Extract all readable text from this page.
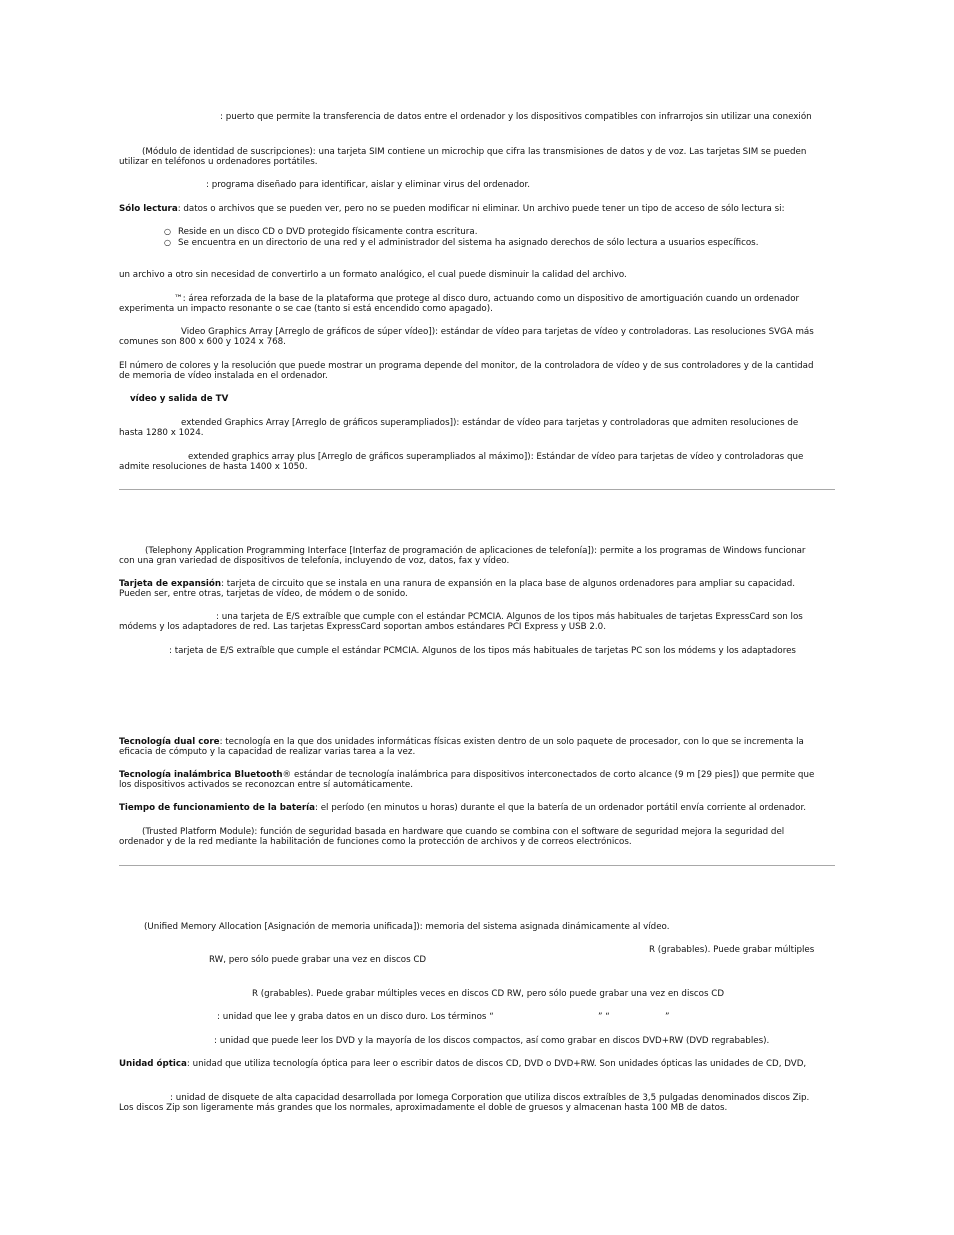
: puerto que permite la transferencia de datos entre el ordenador y los dispositivos compatibles con infrarrojos sin utilizar una conexión
(Módulo de identidad de suscripciones): una tarjeta SIM contiene un microchip que cifra las transmisiones de datos y de voz. Las tarjetas SIM se pueden
utilizar en teléfonos u ordenadores portátiles.
: programa diseñado para identificar, aislar y eliminar virus del ordenador.
Sólo lectura: datos o archivos que se pueden ver, pero no se pueden modificar ni eliminar. Un archivo puede tener un tipo de acceso de sólo lectura si:
○ Reside en un disco CD o DVD protegido físicamente contra escritura.
○ Se encuentra en un directorio de una red y el administrador del sistema ha asignado derechos de sólo lectura a usuarios específicos.
un archivo a otro sin necesidad de convertirlo a un formato analógico, el cual puede disminuir la calidad del archivo.
™: área reforzada de la base de la plataforma que protege al disco duro, actuando como un dispositivo de amortiguación cuando un ordenador
experimenta un impacto resonante o se cae (tanto si está encendido como apagado).
Video Graphics Array [Arreglo de gráficos de súper vídeo]): estándar de vídeo para tarjetas de vídeo y controladoras. Las resoluciones SVGA más
comunes son 800 x 600 y 1024 x 768.
El número de colores y la resolución que puede mostrar un programa depende del monitor, de la controladora de vídeo y de sus controladores y de la cantidad
de memoria de vídeo instalada en el ordenador.
vídeo y salida de TV
extended Graphics Array [Arreglo de gráficos superampliados]): estándar de vídeo para tarjetas y controladoras que admiten resoluciones de
hasta 1280 x 1024.
extended graphics array plus [Arreglo de gráficos superampliados al máximo]): Estándar de vídeo para tarjetas de vídeo y controladoras que
admite resoluciones de hasta 1400 x 1050.
(Telephony Application Programming Interface [Interfaz de programación de aplicaciones de telefonía]): permite a los programas de Windows funcionar
con una gran variedad de dispositivos de telefonía, incluyendo de voz, datos, fax y vídeo.
Tarjeta de expansión: tarjeta de circuito que se instala en una ranura de expansión en la placa base de algunos ordenadores para ampliar su capacidad.
Pueden ser, entre otras, tarjetas de vídeo, de módem o de sonido.
: una tarjeta de E/S extraíble que cumple con el estándar PCMCIA. Algunos de los tipos más habituales de tarjetas ExpressCard son los
módems y los adaptadores de red. Las tarjetas ExpressCard soportan ambos estándares PCI Express y USB 2.0.
: tarjeta de E/S extraíble que cumple el estándar PCMCIA. Algunos de los tipos más habituales de tarjetas PC son los módems y los adaptadores
Tecnología dual core: tecnología en la que dos unidades informáticas físicas existen dentro de un solo paquete de procesador, con lo que se incrementa la
eficacia de cómputo y la capacidad de realizar varias tarea a la vez.
Tecnología inalámbrica Bluetooth® estándar de tecnología inalámbrica para dispositivos interconectados de corto alcance (9 m [29 pies]) que permite que
los dispositivos activados se reconozcan entre sí automáticamente.
Tiempo de funcionamiento de la batería: el período (en minutos u horas) durante el que la batería de un ordenador portátil envía corriente al ordenador.
(Trusted Platform Module): función de seguridad basada en hardware que cuando se combina con el software de seguridad mejora la seguridad del
ordenador y de la red mediante la habilitación de funciones como la protección de archivos y de correos electrónicos.
(Unified Memory Allocation [Asignación de memoria unificada]): memoria del sistema asignada dinámicamente al vídeo.
R (grabables). Puede grabar múltiples
RW, pero sólo puede grabar una vez en discos CD
R (grabables). Puede grabar múltiples veces en discos CD RW, pero sólo puede grabar una vez en discos CD
: unidad que lee y graba datos en un disco duro. Los términos “	” “	”
: unidad que puede leer los DVD y la mayoría de los discos compactos, así como grabar en discos DVD+RW (DVD regrabables).
Unidad óptica: unidad que utiliza tecnología óptica para leer o escribir datos de discos CD, DVD o DVD+RW. Son unidades ópticas las unidades de CD, DVD,
: unidad de disquete de alta capacidad desarrollada por Iomega Corporation que utiliza discos extraíbles de 3,5 pulgadas denominados discos Zip.
Los discos Zip son ligeramente más grandes que los normales, aproximadamente el doble de gruesos y almacenan hasta 100 MB de datos.
